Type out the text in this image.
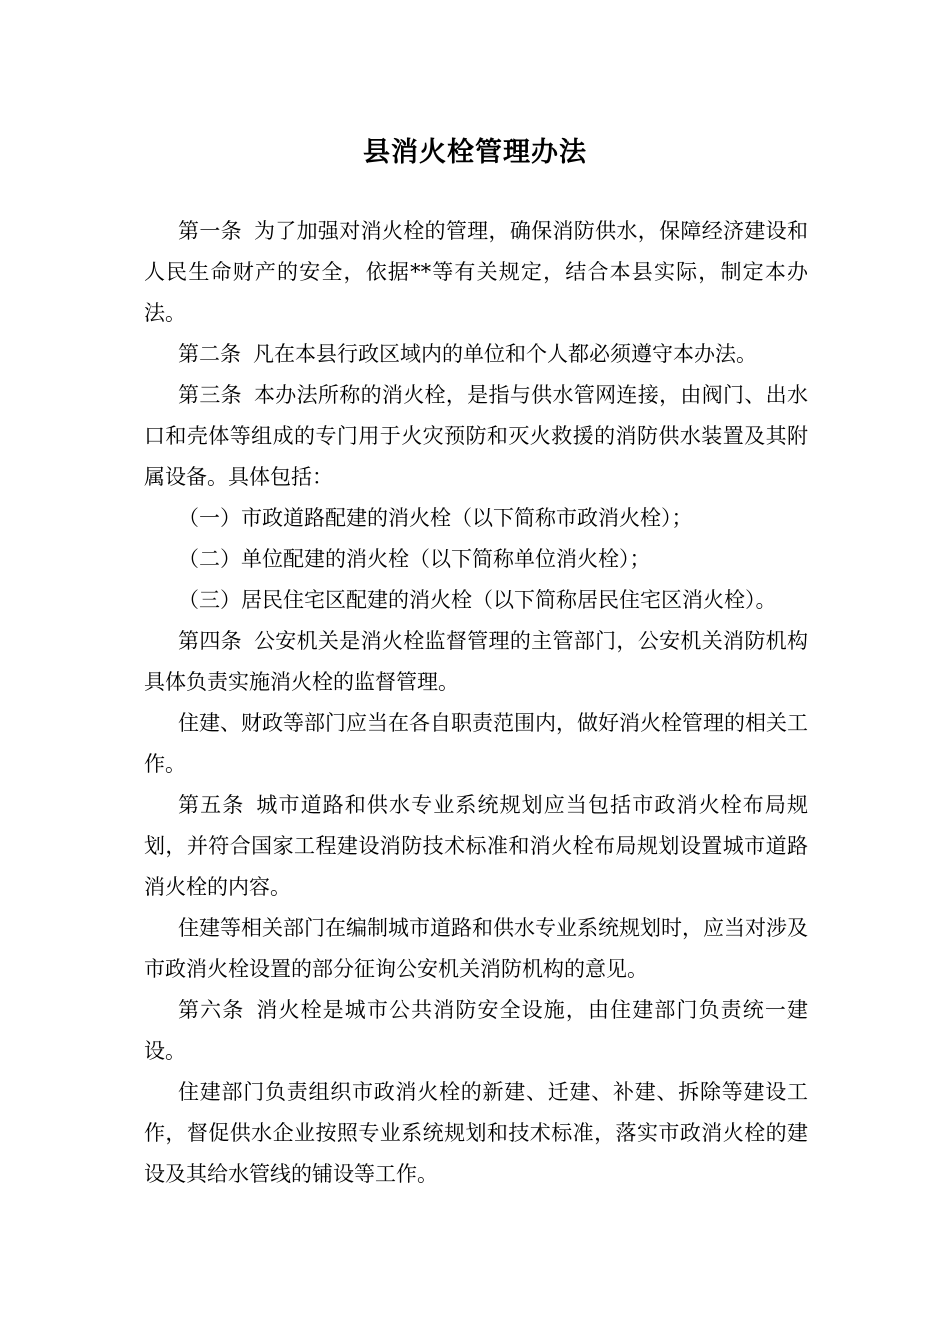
县消火栓管理办法

第一条 为了加强对消火栓的管理，确保消防供水，保障经济建设和人民生命财产的安全，依据**等有关规定，结合本县实际，制定本办法。

第二条 凡在本县行政区域内的单位和个人都必须遵守本办法。

第三条 本办法所称的消火栓，是指与供水管网连接，由阀门、出水口和壳体等组成的专门用于火灾预防和灭火救援的消防供水装置及其附属设备。具体包括：

（一）市政道路配建的消火栓（以下简称市政消火栓）；

（二）单位配建的消火栓（以下简称单位消火栓）；

（三）居民住宅区配建的消火栓（以下简称居民住宅区消火栓）。

第四条 公安机关是消火栓监督管理的主管部门，公安机关消防机构具体负责实施消火栓的监督管理。

住建、财政等部门应当在各自职责范围内，做好消火栓管理的相关工作。

第五条 城市道路和供水专业系统规划应当包括市政消火栓布局规划，并符合国家工程建设消防技术标准和消火栓布局规划设置城市道路消火栓的内容。

住建等相关部门在编制城市道路和供水专业系统规划时，应当对涉及市政消火栓设置的部分征询公安机关消防机构的意见。

第六条 消火栓是城市公共消防安全设施，由住建部门负责统一建设。

住建部门负责组织市政消火栓的新建、迁建、补建、拆除等建设工作，督促供水企业按照专业系统规划和技术标准，落实市政消火栓的建设及其给水管线的铺设等工作。
